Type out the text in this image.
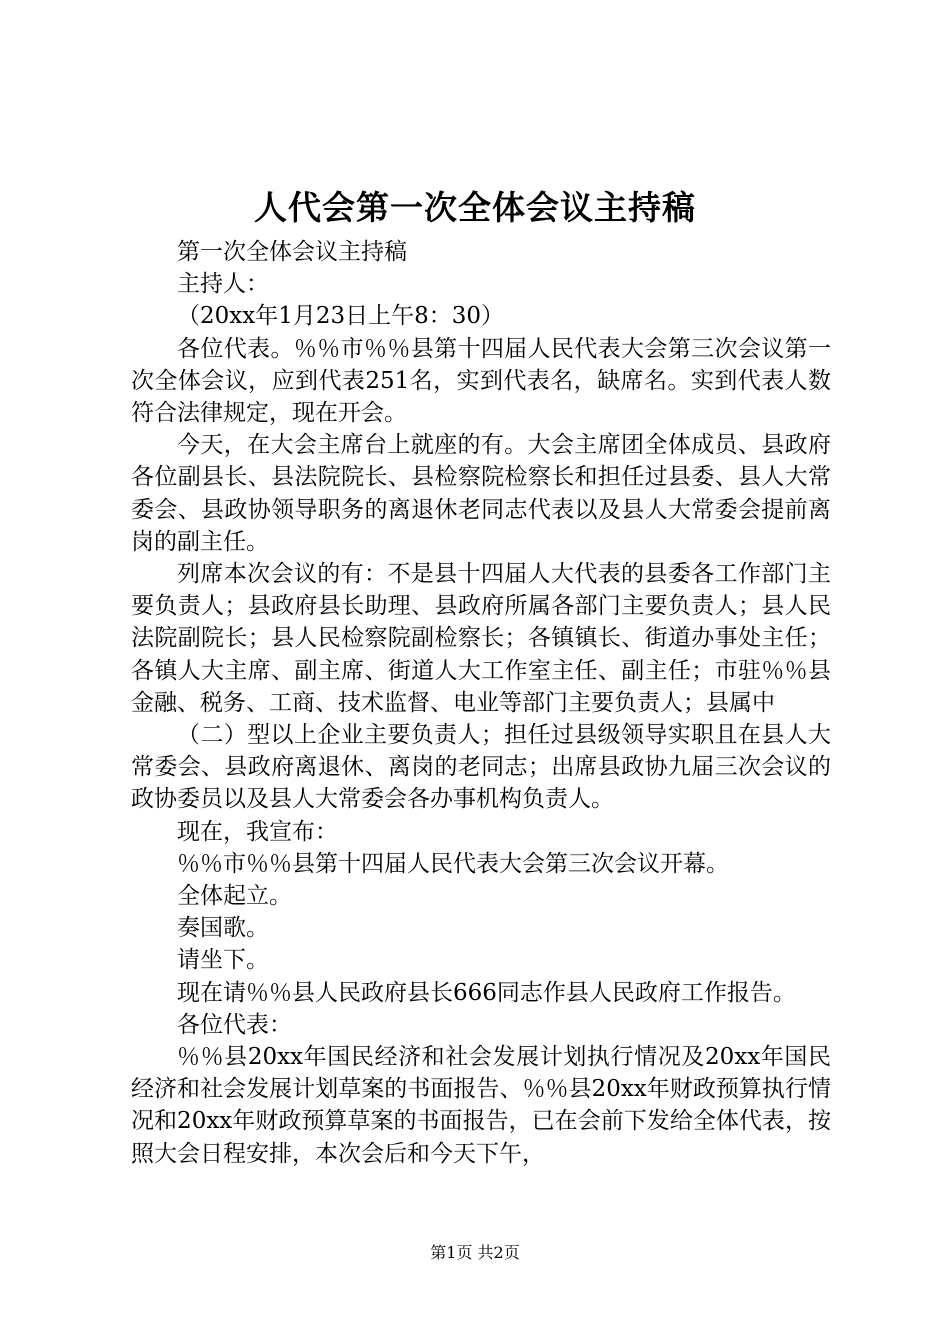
人代会第一次全体会议主持稿

第一次全体会议主持稿

主持人：

（20xx年1月23日上午8：30）

各位代表。％％市％％县第十四届人民代表大会第三次会议第一次全体会议，应到代表251名，实到代表名，缺席名。实到代表人数符合法律规定，现在开会。

今天，在大会主席台上就座的有。大会主席团全体成员、县政府各位副县长、县法院院长、县检察院检察长和担任过县委、县人大常委会、县政协领导职务的离退休老同志代表以及县人大常委会提前离岗的副主任。

列席本次会议的有：不是县十四届人大代表的县委各工作部门主要负责人；县政府县长助理、县政府所属各部门主要负责人；县人民法院副院长；县人民检察院副检察长；各镇镇长、街道办事处主任；各镇人大主席、副主席、街道人大工作室主任、副主任；市驻％％县金融、税务、工商、技术监督、电业等部门主要负责人；县属中

（二）型以上企业主要负责人；担任过县级领导实职且在县人大常委会、县政府离退休、离岗的老同志；出席县政协九届三次会议的政协委员以及县人大常委会各办事机构负责人。

现在，我宣布：

％％市％％县第十四届人民代表大会第三次会议开幕。

全体起立。

奏国歌。

请坐下。

现在请％％县人民政府县长666同志作县人民政府工作报告。

各位代表：

％％县20xx年国民经济和社会发展计划执行情况及20xx年国民经济和社会发展计划草案的书面报告、％％县20xx年财政预算执行情况和20xx年财政预算草案的书面报告，已在会前下发给全体代表，按照大会日程安排，本次会后和今天下午，

第1页 共2页
